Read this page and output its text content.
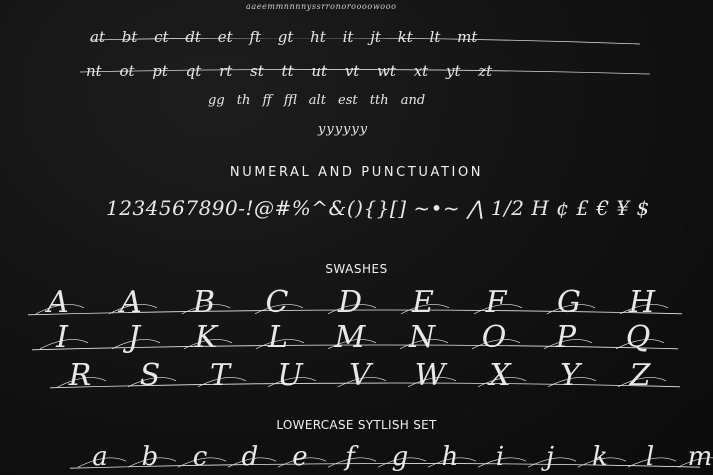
aaeemmnnnnyssrronoroooowooo
at bt ct dt et ft gt ht it jt kt lt mt
nt ot pt qt rt st tt ut vt wt xt yt zt
gg th ff ffl alt est tth and
yyyyyy
NUMERAL AND PUNCTUATION
1234567890-!@#%^&(){}[] ~•~ ⋀ 1/2 H ¢ £ € ¥ $
SWASHES
A A B C D E F G H
I J K L M N O P Q
R S T U V W X Y Z
LOWERCASE SYTLISH SET
a b c d e f g h i j k l m
